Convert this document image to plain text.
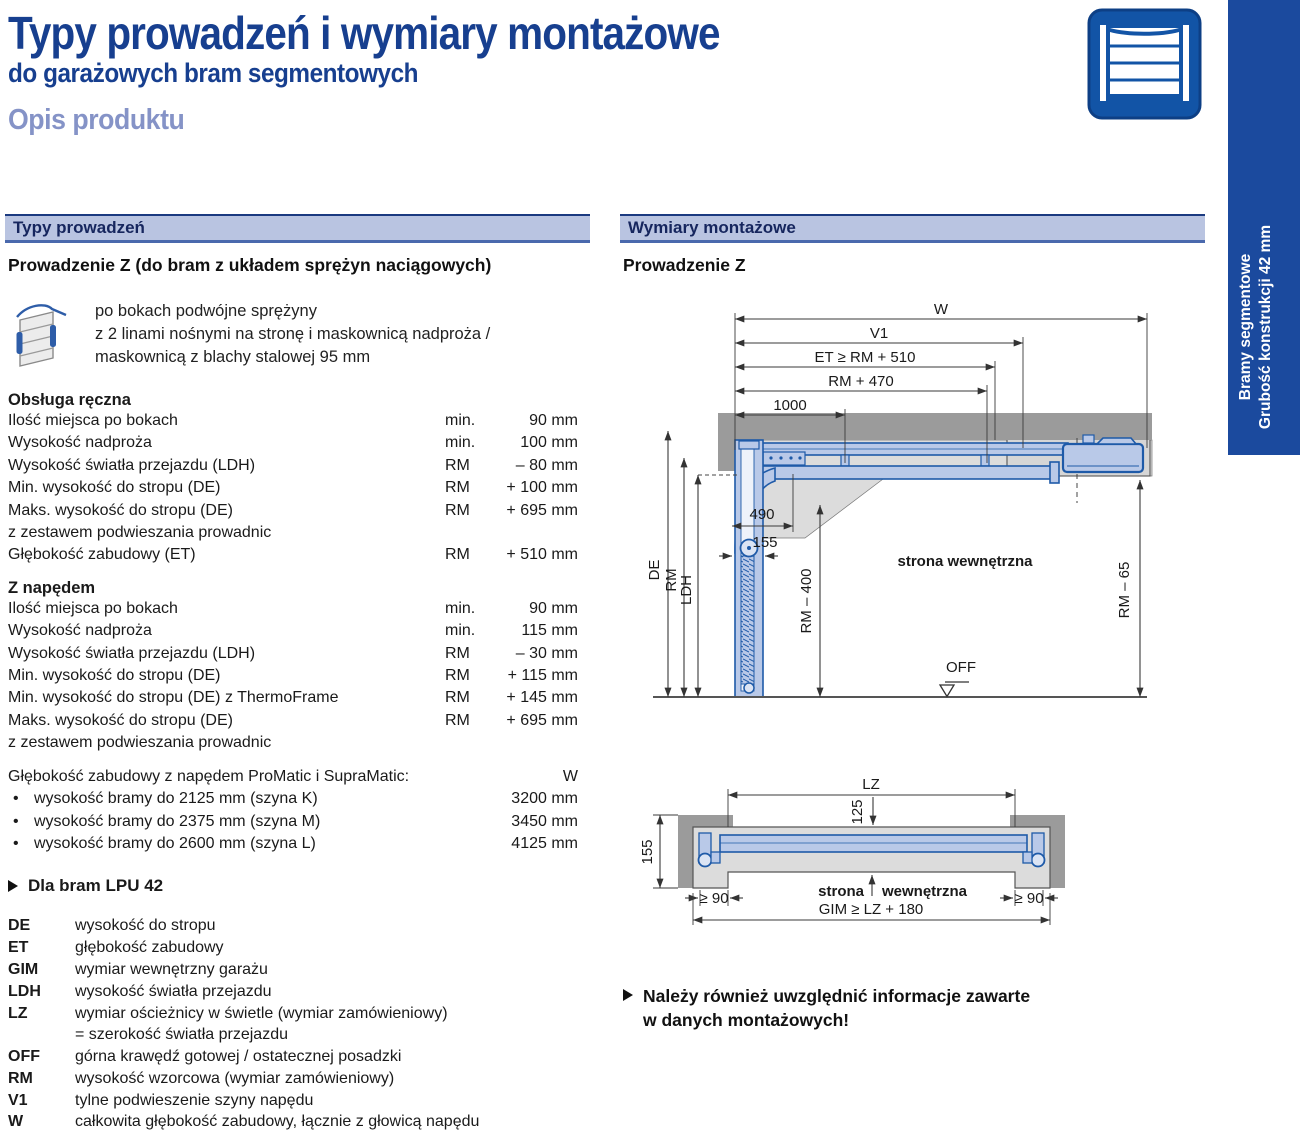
Typy prowadzeń i wymiary montażowe
do garażowych bram segmentowych
Opis produktu
Bramy segmentowe Grubość konstrukcji 42 mm
Typy prowadzeń
Prowadzenie Z (do bram z układem sprężyn naciągowych)
po bokach podwójne sprężyny
z 2 linami nośnymi na stronę i maskownicą nadproża /
maskownicą z blachy stalowej 95 mm
Obsługa ręczna
Ilość miejsca po bokach	min.	90 mm
Wysokość nadproża	min.	100 mm
Wysokość światła przejazdu (LDH)	RM	– 80 mm
Min. wysokość do stropu (DE)	RM	+ 100 mm
Maks. wysokość do stropu (DE)	RM	+ 695 mm
z zestawem podwieszania prowadnic
Głębokość zabudowy (ET)	RM	+ 510 mm
Z napędem
Ilość miejsca po bokach	min.	90 mm
Wysokość nadproża	min.	115 mm
Wysokość światła przejazdu (LDH)	RM	– 30 mm
Min. wysokość do stropu (DE)	RM	+ 115 mm
Min. wysokość do stropu (DE) z ThermoFrame	RM	+ 145 mm
Maks. wysokość do stropu (DE)	RM	+ 695 mm
z zestawem podwieszania prowadnic
Głębokość zabudowy z napędem ProMatic i SupraMatic:	W
• wysokość bramy do 2125 mm (szyna K)	3200 mm
• wysokość bramy do 2375 mm (szyna M)	3450 mm
• wysokość bramy do 2600 mm (szyna L)	4125 mm
Dla bram LPU 42
DE	wysokość do stropu
ET	głębokość zabudowy
GIM	wymiar wewnętrzny garażu
LDH	wysokość światła przejazdu
LZ	wymiar ościeżnicy w świetle (wymiar zamówieniowy)
= szerokość światła przejazdu
OFF	górna krawędź gotowej / ostatecznej posadzki
RM	wysokość wzorcowa (wymiar zamówieniowy)
V1	tylne podwieszenie szyny napędu
W	całkowita głębokość zabudowy, łącznie z głowicą napędu
Wymiary montażowe
Prowadzenie Z
W
V1
ET ≥ RM + 510
RM + 470
1000
DE RM
LDH
490
155
RM – 400	RM – 65
strona wewnętrzna
OFF
LZ
125
155
≥ 90	≥ 90
strona wewnętrzna
GIM ≥ LZ + 180
Należy również uwzględnić informacje zawarte
w danych montażowych!
